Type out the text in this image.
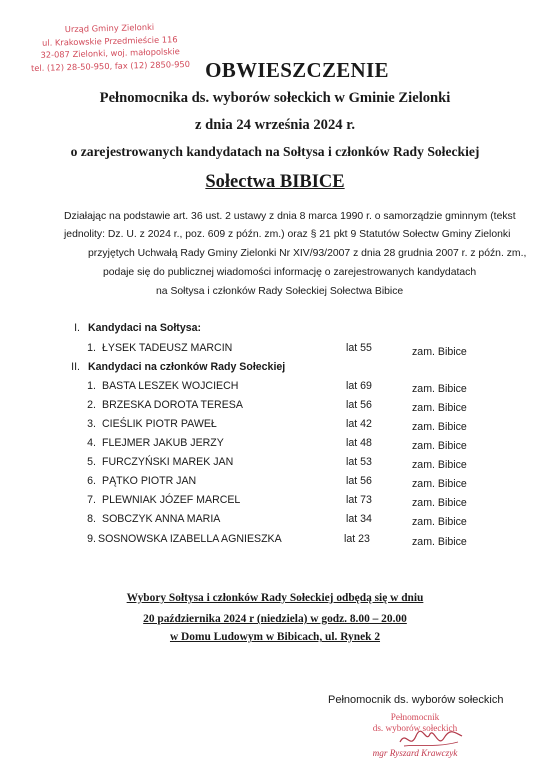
Urząd Gminy Zielonki
ul. Krakowskie Przedmieście 116
32-087 Zielonki, woj. małopolskie
tel. (12) 28-50-950, fax (12) 2850-950 OBWIESZCZENIE
Pełnomocnika ds. wyborów sołeckich w Gminie Zielonki
z dnia 24 września 2024 r.
o zarejestrowanych kandydatach na Sołtysa i członków Rady Sołeckiej
Sołectwa BIBICE
Działając na podstawie art. 36 ust. 2 ustawy z dnia 8 marca 1990 r. o samorządzie gminnym (tekst
jednolity: Dz. U. z 2024 r., poz. 609 z późn. zm.) oraz § 21 pkt 9 Statutów Sołectw Gminy Zielonki
przyjętych Uchwałą Rady Gminy Zielonki Nr XIV/93/2007 z dnia 28 grudnia 2007 r. z późn. zm.,
podaje się do publicznej wiadomości informację o zarejestrowanych kandydatach
na Sołtysa i członków Rady Sołeckiej Sołectwa Bibice
I. Kandydaci na Sołtysa:
1. ŁYSEK TADEUSZ MARCIN	lat 55	zam. Bibice
II. Kandydaci na członków Rady Sołeckiej
1. BASTA LESZEK WOJCIECH	lat 69	zam. Bibice
2. BRZESKA DOROTA TERESA	lat 56	zam. Bibice
3. CIEŚLIK PIOTR PAWEŁ	lat 42	zam. Bibice
4. FLEJMER JAKUB JERZY	lat 48	zam. Bibice
5. FURCZYŃSKI MAREK JAN	lat 53	zam. Bibice
6. PĄTKO PIOTR JAN	lat 56	zam. Bibice
7. PLEWNIAK JÓZEF MARCEL	lat 73	zam. Bibice
8. SOBCZYK ANNA MARIA	lat 34	zam. Bibice
9. SOSNOWSKA IZABELLA AGNIESZKA	lat 23	zam. Bibice
Wybory Sołtysa i członków Rady Sołeckiej odbędą się w dniu
20 października 2024 r (niedziela) w godz. 8.00 – 20.00
w Domu Ludowym w Bibicach, ul. Rynek 2
Pełnomocnik ds. wyborów sołeckich
Pełnomocnik
ds. wyborów sołeckich
mgr Ryszard Krawczyk
